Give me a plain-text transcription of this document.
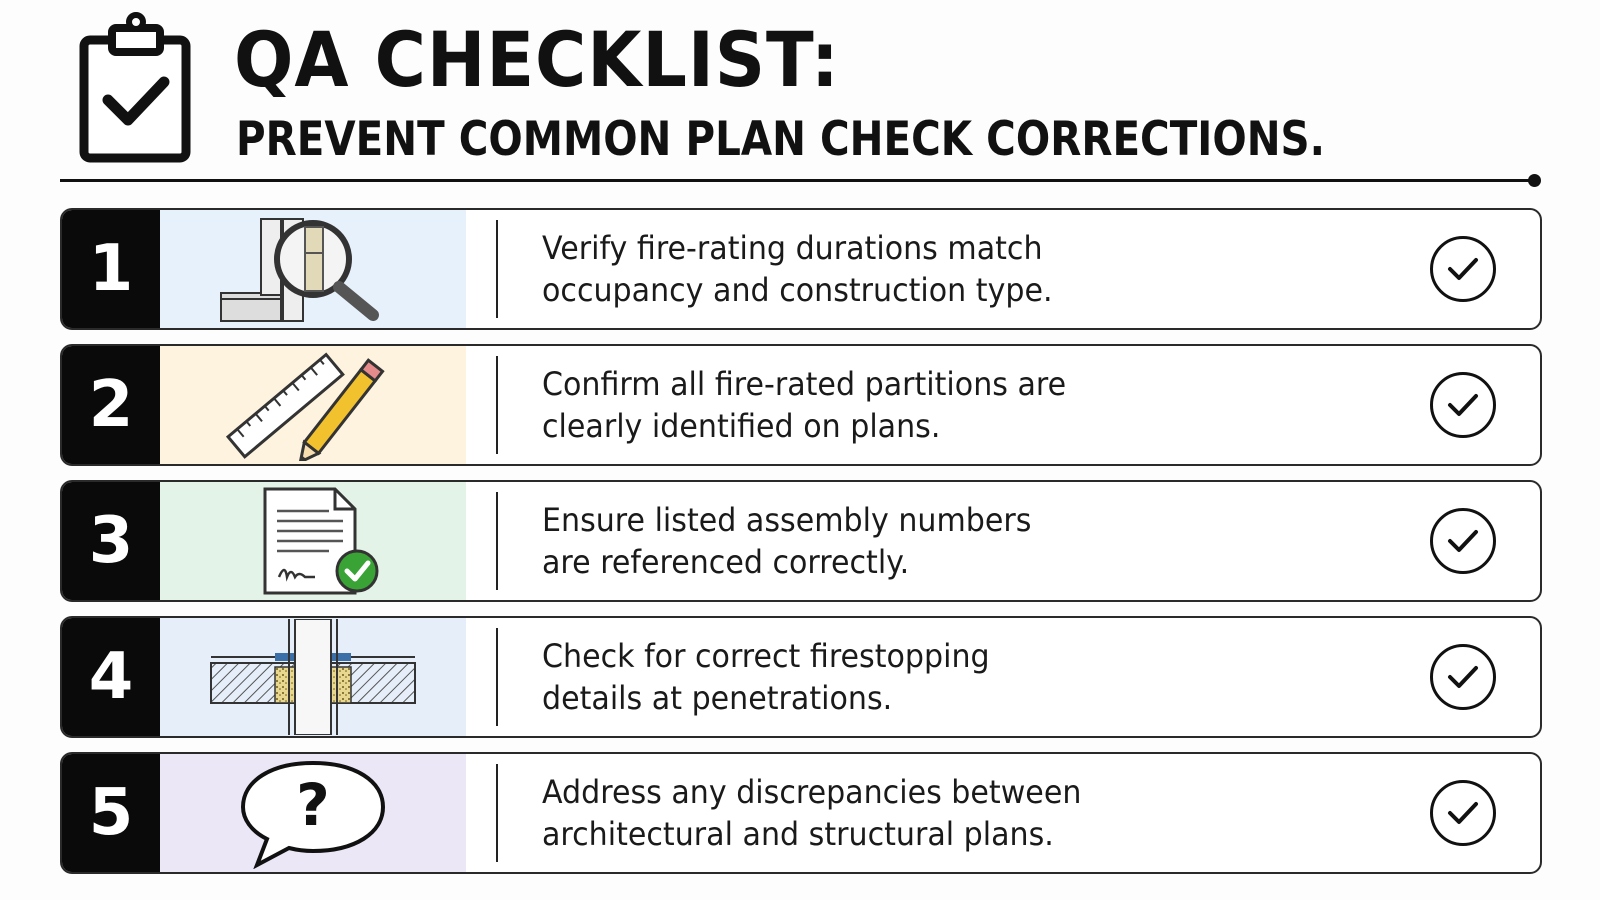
QA CHECKLIST:
PREVENT COMMON PLAN CHECK CORRECTIONS.
1	Verify fire-rating durations match
occupancy and construction type.
2	Confirm all fire-rated partitions are
clearly identified on plans.
3	Ensure listed assembly numbers
are referenced correctly.
4	Check for correct firestopping
details at penetrations.
5	?	Address any discrepancies between
architectural and structural plans.
